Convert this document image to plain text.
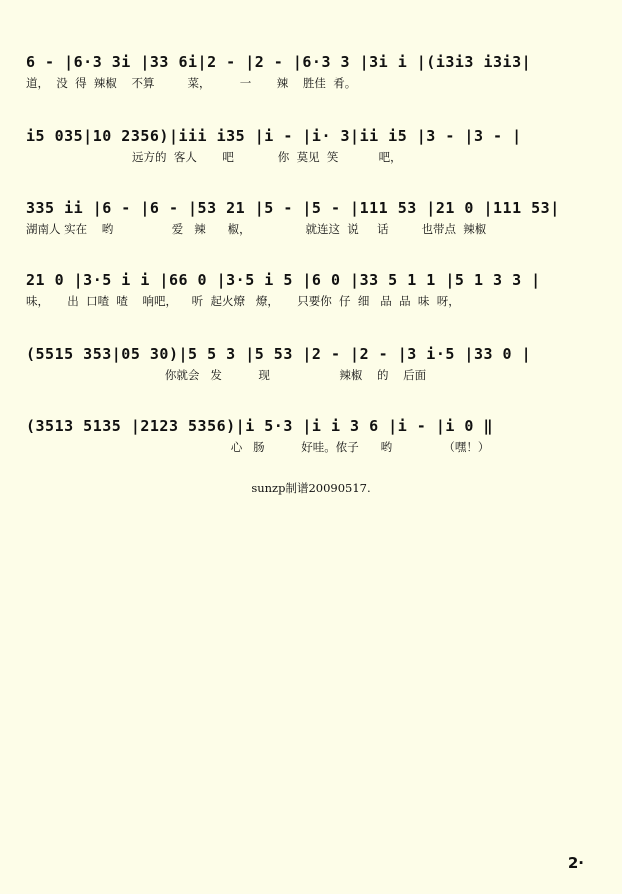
6 - |6·3 3i |33 6i|2 - |2 - |6·3 3 |3i i |(i3i3 i3i3|
道，  没  得  辣椒    不算         菜，        一       辣    胜佳  肴。
i5 035|10 2356)|iii i35 |i - |i· 3|ii i5 |3 - |3 - |
远方的  客人       吧            你  莫见  笑           吧，
335 ii |6 - |6 - |53 21 |5 - |5 - |111 53 |21 0 |111 53|
湖南人 实在    哟                爱   辣      椒，               就连这  说     话         也带点  辣椒
21 0 |3·5 i i |66 0 |3·5 i 5 |6 0 |33 5 1 1 |5 1 3 3 |
味，     出  口喳  喳    响吧，    听  起火燎   燎，     只要你  仔  细   品  品  味  呀，
(5515 353|05 30)|5 5 3 |5 53 |2 - |2 - |3 i·5 |33 0 |
你就会   发          现                   辣椒    的    后面
(3513 5135 |2123 5356)|i 5·3 |i i 3 6 |i - |i 0 ‖
心   肠          好哇。侬子      哟              （嘿！）
sunzp制谱20090517.
2·
